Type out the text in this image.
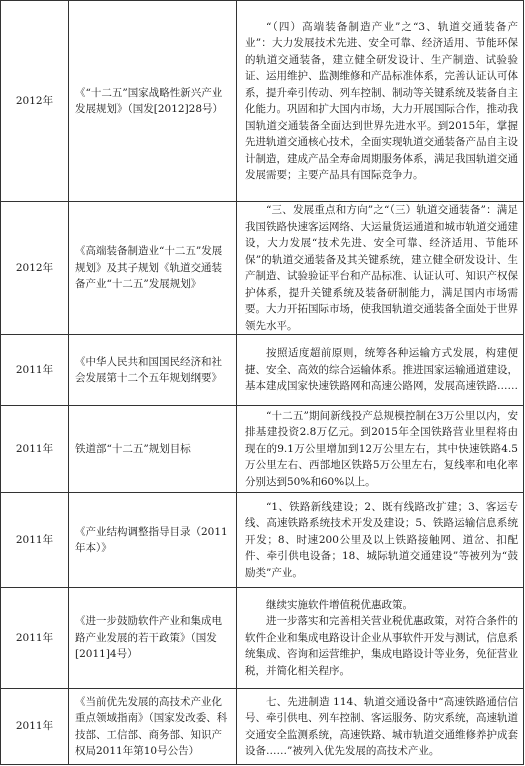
2012年	《“十二五”国家战略性新兴产业发展规划》（国发[2012]28号）	“（四）高端装备制造产业”之“3、轨道交通装备产业”：大力发展技术先进、安全可靠、经济适用、节能环保的轨道交通装备，建立健全研发设计、生产制造、试验验证、运用维护、监测维修和产品标准体系，完善认证认可体系，提升牵引传动、列车控制、制动等关键系统及装备自主化能力。巩固和扩大国内市场，大力开展国际合作，推动我国轨道交通装备全面达到世界先进水平。到2015年，掌握先进轨道交通核心技术，全面实现轨道交通装备产品自主设计制造，建成产品全寿命周期服务体系，满足我国轨道交通发展需要；主要产品具有国际竞争力。

2012年	《高端装备制造业“十二五”发展规划》及其子规划《轨道交通装备产业“十二五”发展规划》	“三、发展重点和方向”之“（三）轨道交通装备”：满足我国铁路快速客运网络、大运量货运通道和城市轨道交通建设，大力发展“技术先进、安全可靠、经济适用、节能环保”的轨道交通装备及其关键系统，建立健全研发设计、生产制造、试验验证平台和产品标准、认证认可、知识产权保护体系，提升关键系统及装备研制能力，满足国内市场需要。大力开拓国际市场，使我国轨道交通装备全面处于世界领先水平。

2011年	《中华人民共和国国民经济和社会发展第十二个五年规划纲要》	按照适度超前原则，统筹各种运输方式发展，构建便捷、安全、高效的综合运输体系。推进国家运输通道建设，基本建成国家快速铁路网和高速公路网，发展高速铁路……

2011年	铁道部“十二五”规划目标	“十二五”期间新线投产总规模控制在3万公里以内，安排基建投资2.8万亿元。到2015年全国铁路营业里程将由现在的9.1万公里增加到12万公里左右，其中快速铁路4.5万公里左右、西部地区铁路5万公里左右，复线率和电化率分别达到50%和60%以上。

2011年	《产业结构调整指导目录（2011年本）》	“1、铁路新线建设；2、既有线路改扩建；3、客运专线、高速铁路系统技术开发及建设；5、铁路运输信息系统开发；8、时速200公里及以上铁路接触网、道岔、扣配件、牵引供电设备；18、城际轨道交通建设”等被列为“鼓励类”产业。

2011年	《进一步鼓励软件产业和集成电路产业发展的若干政策》（国发[2011]4号）	继续实施软件增值税优惠政策。
进一步落实和完善相关营业税优惠政策，对符合条件的软件企业和集成电路设计企业从事软件开发与测试，信息系统集成、咨询和运营维护，集成电路设计等业务，免征营业税，并简化相关程序。

2011年	《当前优先发展的高技术产业化重点领域指南》（国家发改委、科技部、工信部、商务部、知识产权局2011年第10号公告）	七、先进制造 114、轨道交通设备中“高速铁路通信信号、牵引供电、列车控制、客运服务、防灾系统，高速轨道交通安全监测系统，高速铁路、城市轨道交通维修养护成套设备……”被列入优先发展的高技术产业。
